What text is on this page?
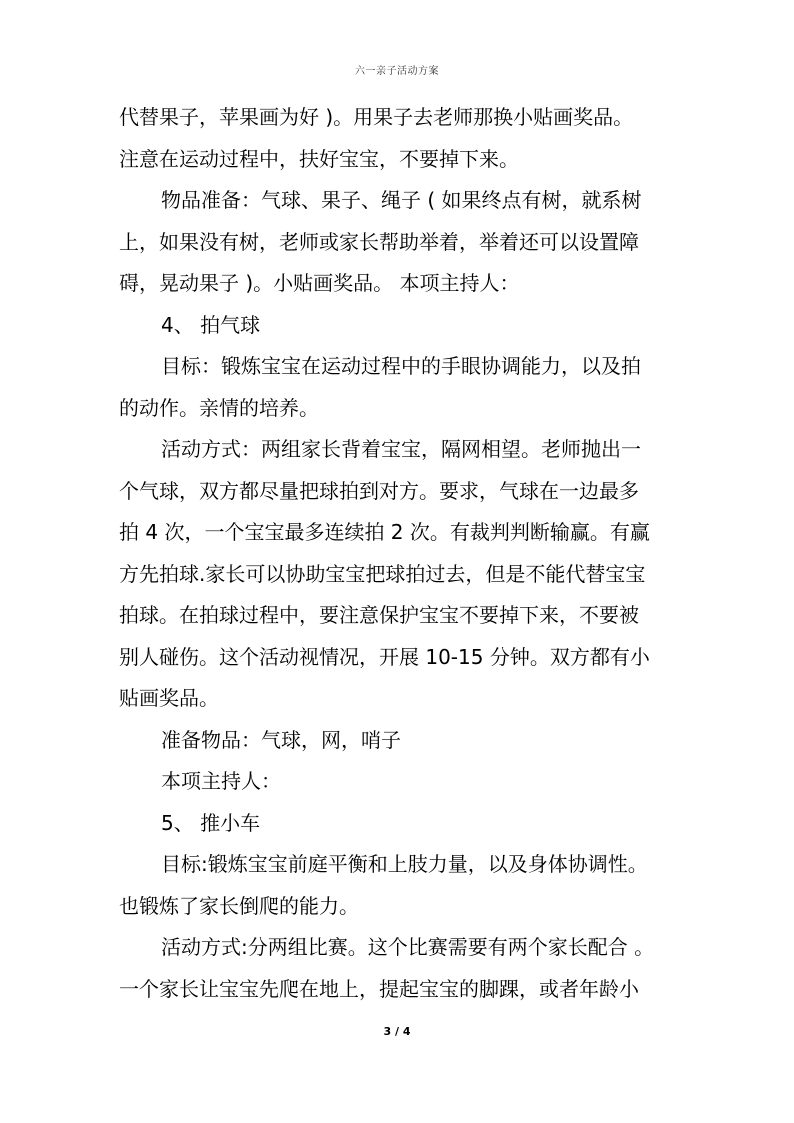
六一亲子活动方案
代替果子，苹果画为好 )。用果子去老师那换小贴画奖品。
注意在运动过程中，扶好宝宝，不要掉下来。
物品准备：气球、果子、绳子 ( 如果终点有树，就系树
上，如果没有树，老师或家长帮助举着，举着还可以设置障
碍，晃动果子 )。小贴画奖品。 本项主持人：
4、 拍气球
目标：锻炼宝宝在运动过程中的手眼协调能力，以及拍
的动作。亲情的培养。
活动方式：两组家长背着宝宝，隔网相望。老师抛出一
个气球，双方都尽量把球拍到对方。要求，气球在一边最多
拍 4 次，一个宝宝最多连续拍 2 次。有裁判判断输赢。有赢
方先拍球.家长可以协助宝宝把球拍过去，但是不能代替宝宝
拍球。在拍球过程中，要注意保护宝宝不要掉下来，不要被
别人碰伤。这个活动视情况，开展 10-15 分钟。双方都有小
贴画奖品。
准备物品：气球，网，哨子
本项主持人：
5、 推小车
目标:锻炼宝宝前庭平衡和上肢力量，以及身体协调性。
也锻炼了家长倒爬的能力。
活动方式:分两组比赛。这个比赛需要有两个家长配合 。
一个家长让宝宝先爬在地上，提起宝宝的脚踝，或者年龄小
3 / 4
